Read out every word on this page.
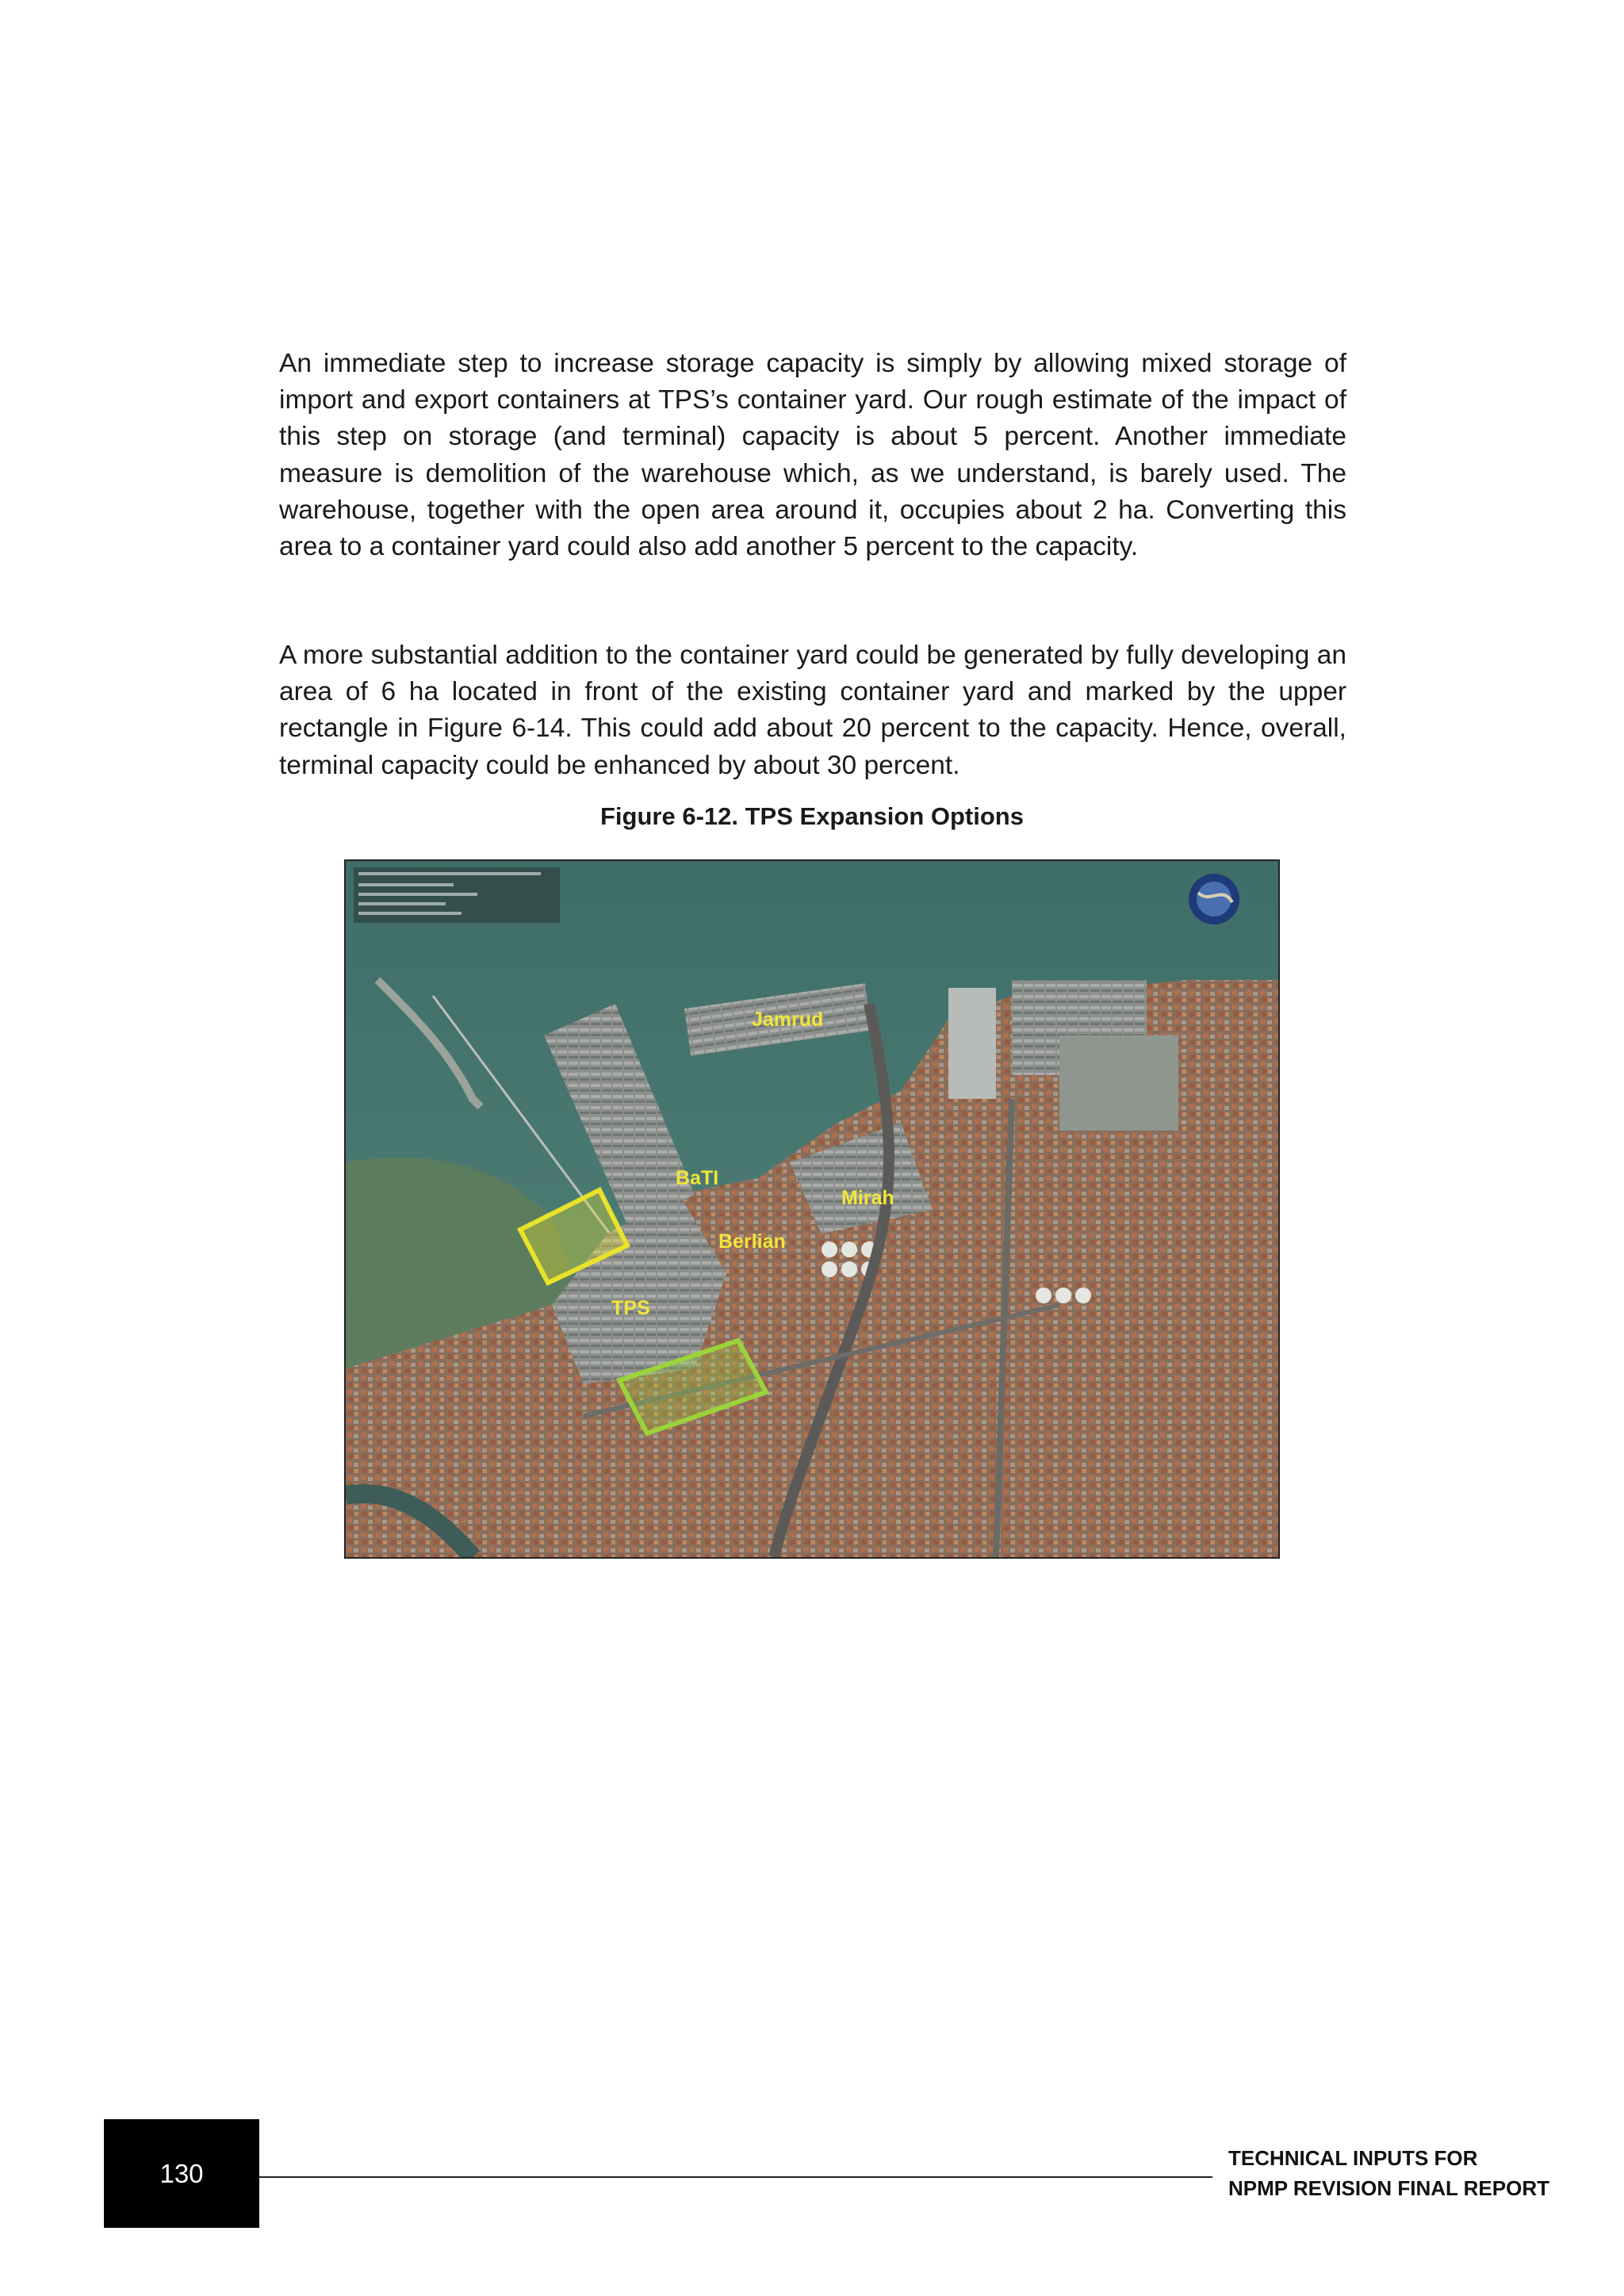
An immediate step to increase storage capacity is simply by allowing mixed storage of import and export containers at TPS’s container yard. Our rough estimate of the impact of this step on storage (and terminal) capacity is about 5 percent. Another immediate measure is demolition of the warehouse which, as we understand, is barely used. The warehouse, together with the open area around it, occupies about 2 ha. Converting this area to a container yard could also add another 5 percent to the capacity.

A more substantial addition to the container yard could be generated by fully developing an area of 6 ha located in front of the existing container yard and marked by the upper rectangle in Figure 6-14. This could add about 20 percent to the capacity. Hence, overall, terminal capacity could be enhanced by about 30 percent.

Figure 6-12. TPS Expansion Options
Jamrud
BaTI
Mirah
Berlian
TPS
130
TECHNICAL INPUTS FOR
NPMP REVISION FINAL REPORT
